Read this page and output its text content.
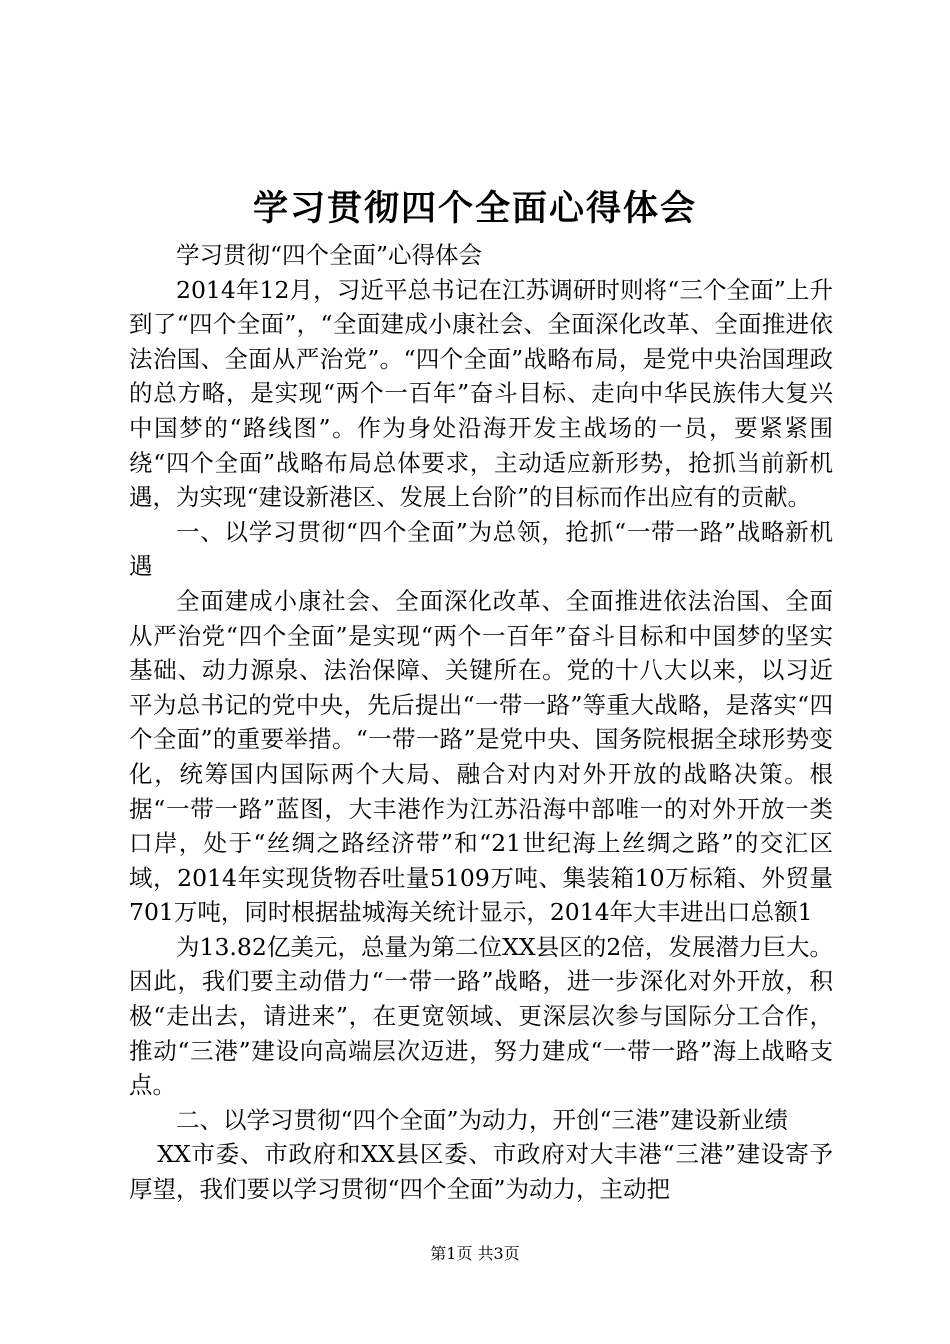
学习贯彻四个全面心得体会

学习贯彻“四个全面”心得体会

2014年12月，习近平总书记在江苏调研时则将“三个全面”上升到了“四个全面”，“全面建成小康社会、全面深化改革、全面推进依法治国、全面从严治党”。“四个全面”战略布局，是党中央治国理政的总方略，是实现“两个一百年”奋斗目标、走向中华民族伟大复兴中国梦的“路线图”。作为身处沿海开发主战场的一员，要紧紧围绕“四个全面”战略布局总体要求，主动适应新形势，抢抓当前新机遇，为实现“建设新港区、发展上台阶”的目标而作出应有的贡献。

一、以学习贯彻“四个全面”为总领，抢抓“一带一路”战略新机遇

全面建成小康社会、全面深化改革、全面推进依法治国、全面从严治党“四个全面”是实现“两个一百年”奋斗目标和中国梦的坚实基础、动力源泉、法治保障、关键所在。党的十八大以来，以习近平为总书记的党中央，先后提出“一带一路”等重大战略，是落实“四个全面”的重要举措。“一带一路”是党中央、国务院根据全球形势变化，统筹国内国际两个大局、融合对内对外开放的战略决策。根据“一带一路”蓝图，大丰港作为江苏沿海中部唯一的对外开放一类口岸，处于“丝绸之路经济带”和“21世纪海上丝绸之路”的交汇区域，2014年实现货物吞吐量5109万吨、集装箱10万标箱、外贸量701万吨，同时根据盐城海关统计显示，2014年大丰进出口总额1

为13.82亿美元，总量为第二位XX县区的2倍，发展潜力巨大。因此，我们要主动借力“一带一路”战略，进一步深化对外开放，积极“走出去，请进来”，在更宽领域、更深层次参与国际分工合作，推动“三港”建设向高端层次迈进，努力建成“一带一路”海上战略支点。

二、以学习贯彻“四个全面”为动力，开创“三港”建设新业绩

XX市委、市政府和XX县区委、市政府对大丰港“三港”建设寄予厚望，我们要以学习贯彻“四个全面”为动力，主动把

第1页 共3页
